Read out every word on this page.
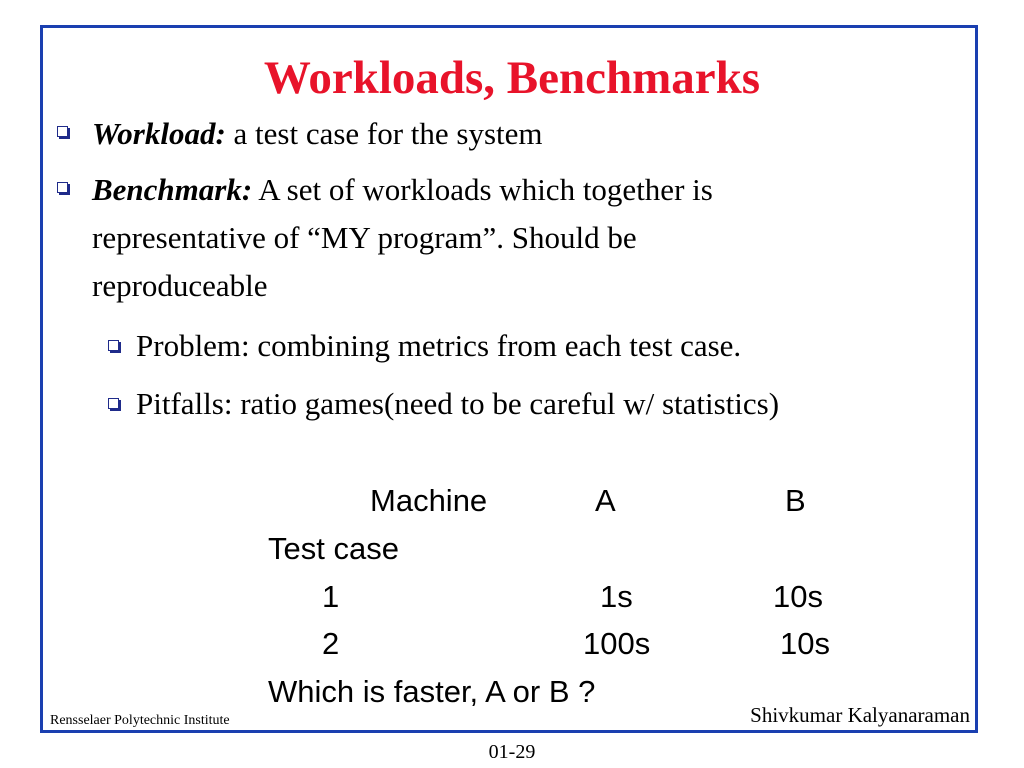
Workloads, Benchmarks
Workload: a test case for the system
Benchmark: A set of workloads which together is
representative of “MY program”. Should be
reproduceable
Problem: combining metrics from each test case.
Pitfalls: ratio games(need to be careful w/ statistics)
Machine	A	B
Test case
1	1s	10s
2	100s	10s
Which is faster, A or B ?
Rensselaer Polytechnic Institute	Shivkumar Kalyanaraman
01-29
